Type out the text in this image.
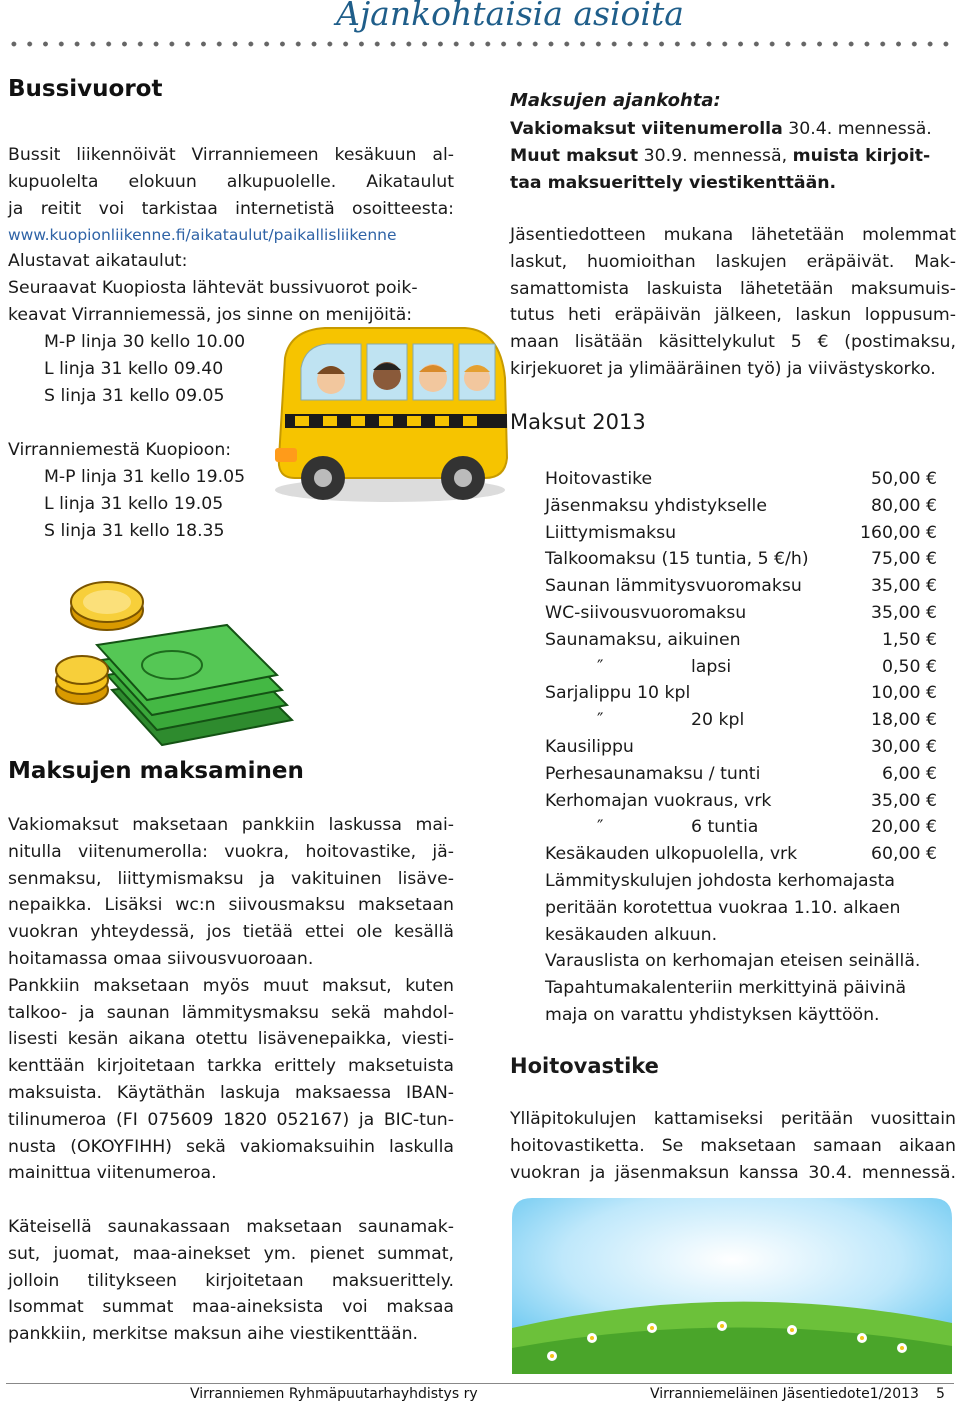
Ajankohtaisia asioita
Bussivuorot
Bussit liikennöivät Virranniemeen kesäkuun al-
kupuolelta elokuun alkupuolelle. Aikataulut
ja reitit voi tarkistaa internetistä osoitteesta:
www.kuopionliikenne.fi/aikataulut/paikallisliikenne
Alustavat aikataulut:
Seuraavat Kuopiosta lähtevät bussivuorot poik-
keavat Virranniemessä, jos sinne on menijöitä:
M-P linja 30 kello 10.00
L linja 31 kello 09.40
S linja 31 kello 09.05
Virranniemestä Kuopioon:
M-P linja 31 kello 19.05
L linja 31 kello 19.05
S linja 31 kello 18.35
Maksujen maksaminen
Vakiomaksut maksetaan pankkiin laskussa mai-
nitulla viitenumerolla: vuokra, hoitovastike, jä-
senmaksu, liittymismaksu ja vakituinen lisäve-
nepaikka. Lisäksi wc:n siivousmaksu maksetaan
vuokran yhteydessä, jos tietää ettei ole kesällä
hoitamassa omaa siivousvuoroaan.
Pankkiin maksetaan myös muut maksut, kuten
talkoo- ja saunan lämmitysmaksu sekä mahdol-
lisesti kesän aikana otettu lisävenepaikka, viesti-
kenttään kirjoitetaan tarkka erittely maksetuista
maksuista. Käytäthän laskuja maksaessa IBAN-
tilinumeroa (FI 075609 1820 052167) ja BIC-tun-
nusta (OKOYFIHH) sekä vakiomaksuihin laskulla
mainittua viitenumeroa.
Käteisellä saunakassaan maksetaan saunamak-
sut, juomat, maa-ainekset ym. pienet summat,
jolloin tilitykseen kirjoitetaan maksuerittely.
Isommat summat maa-aineksista voi maksaa
pankkiin, merkitse maksun aihe viestikenttään.
Maksujen ajankohta:
Vakiomaksut viitenumerolla 30.4. mennessä.
Muut maksut 30.9. mennessä, muista kirjoit-
taa maksuerittely viestikenttään.
Jäsentiedotteen mukana lähetetään molemmat
laskut, huomioithan laskujen eräpäivät. Mak-
samattomista laskuista lähetetään maksumuis-
tutus heti eräpäivän jälkeen, laskun loppusum-
maan lisätään käsittelykulut 5 € (postimaksu,
kirjekuoret ja ylimääräinen työ) ja viivästyskorko.
Maksut 2013
Hoitovastike	50,00 €
Jäsenmaksu yhdistykselle	80,00 €
Liittymismaksu	160,00 €
Talkoomaksu (15 tuntia, 5 €/h)	75,00 €
Saunan lämmitysvuoromaksu	35,00 €
WC-siivousvuoromaksu	35,00 €
Saunamaksu, aikuinen	1,50 €
″	lapsi	0,50 €
Sarjalippu 10 kpl	10,00 €
″	20 kpl	18,00 €
Kausilippu	30,00 €
Perhesaunamaksu / tunti	6,00 €
Kerhomajan vuokraus, vrk	35,00 €
″	6 tuntia	20,00 €
Kesäkauden ulkopuolella, vrk	60,00 €
Lämmityskulujen johdosta kerhomajasta
peritään korotettua vuokraa 1.10. alkaen
kesäkauden alkuun.
Varauslista on kerhomajan eteisen seinällä.
Tapahtumakalenteriin merkittyinä päivinä
maja on varattu yhdistyksen käyttöön.
Hoitovastike
Ylläpitokulujen kattamiseksi peritään vuosittain
hoitovastiketta. Se maksetaan samaan aikaan
vuokran ja jäsenmaksun kanssa 30.4. mennessä.
Virranniemen Ryhmäpuutarhayhdistys ry	Virranniemeläinen Jäsentiedote1/2013 5
